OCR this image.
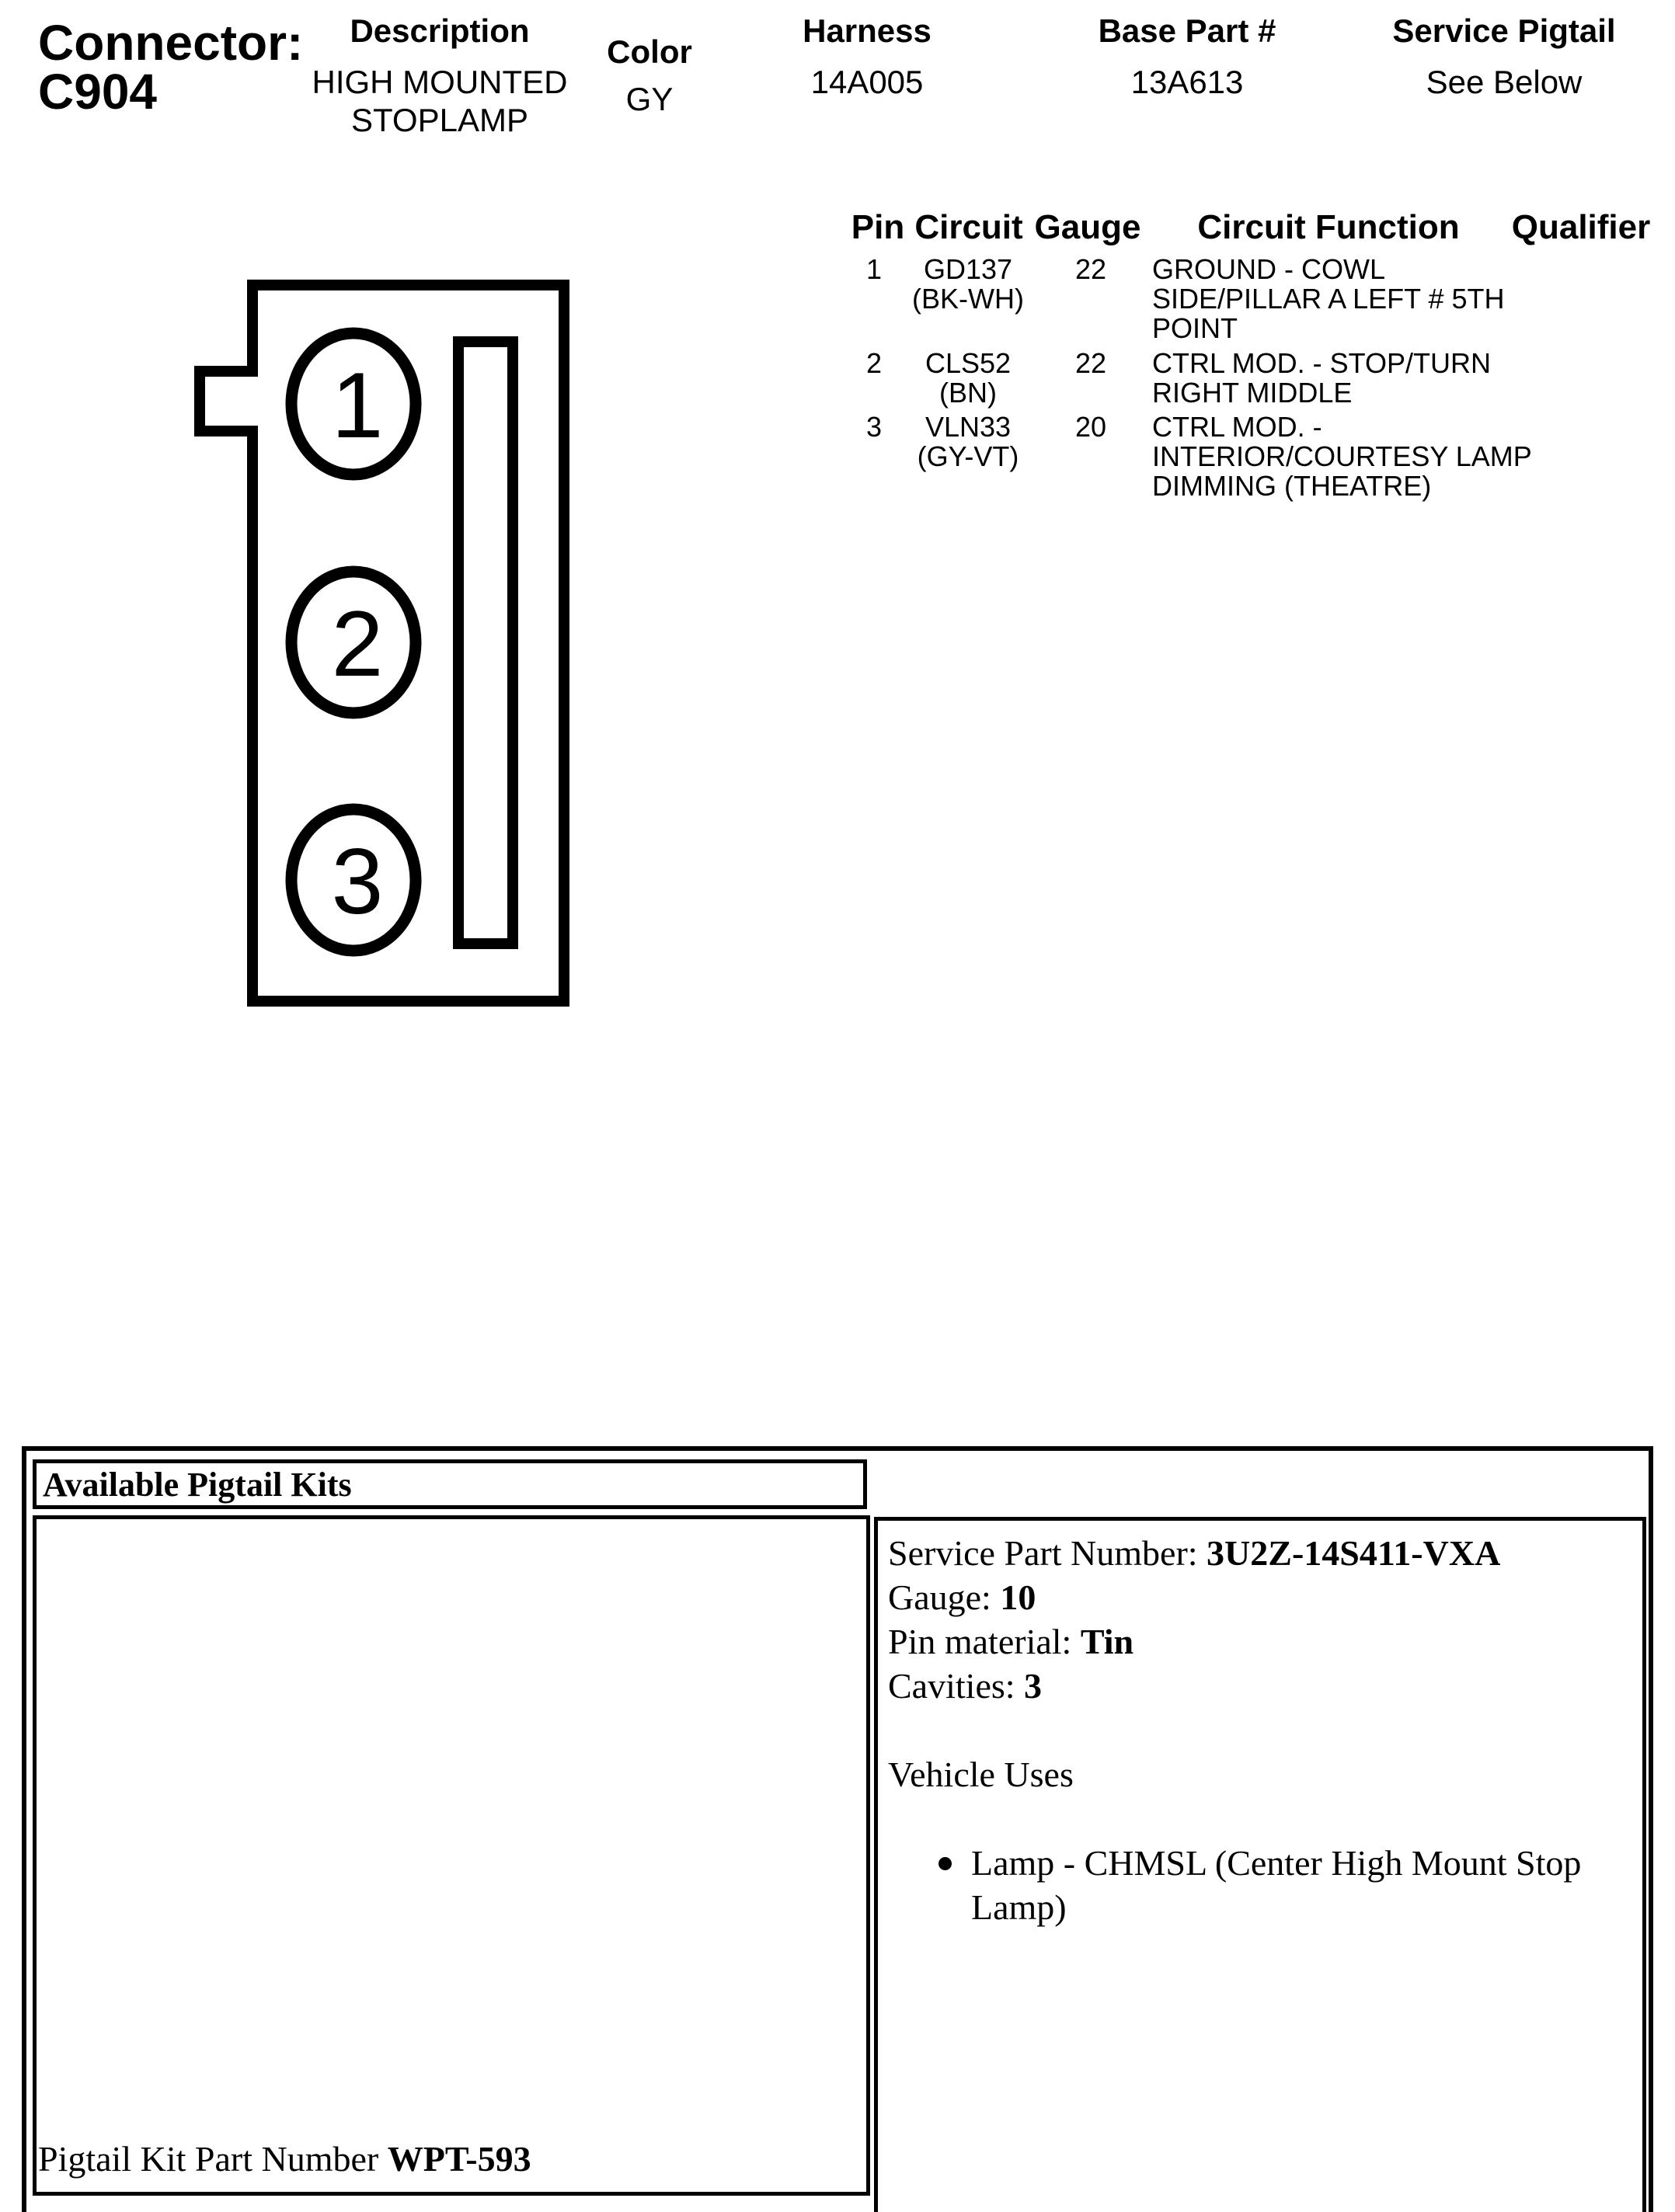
Connector:
C904
Description
HIGH MOUNTED
STOPLAMP
Color
GY
Harness
14A005
Base Part #
13A613
Service Pigtail
See Below
1
2
3
Pin Circuit Gauge Circuit Function Qualifier
1	GD137
(BK-WH)
22 GROUND - COWL
SIDE/PILLAR A LEFT # 5TH
POINT
2 CLS52
(BN)
22 CTRL MOD. - STOP/TURN
RIGHT MIDDLE
3 VLN33
(GY-VT)
20 CTRL MOD. -
INTERIOR/COURTESY LAMP
DIMMING (THEATRE)
Available Pigtail Kits
Pigtail Kit Part Number WPT-593
Service Part Number: 3U2Z-14S411-VXA
Gauge: 10
Pin material: Tin
Cavities: 3
Vehicle Uses
Lamp - CHMSL (Center High Mount Stop Lamp)
